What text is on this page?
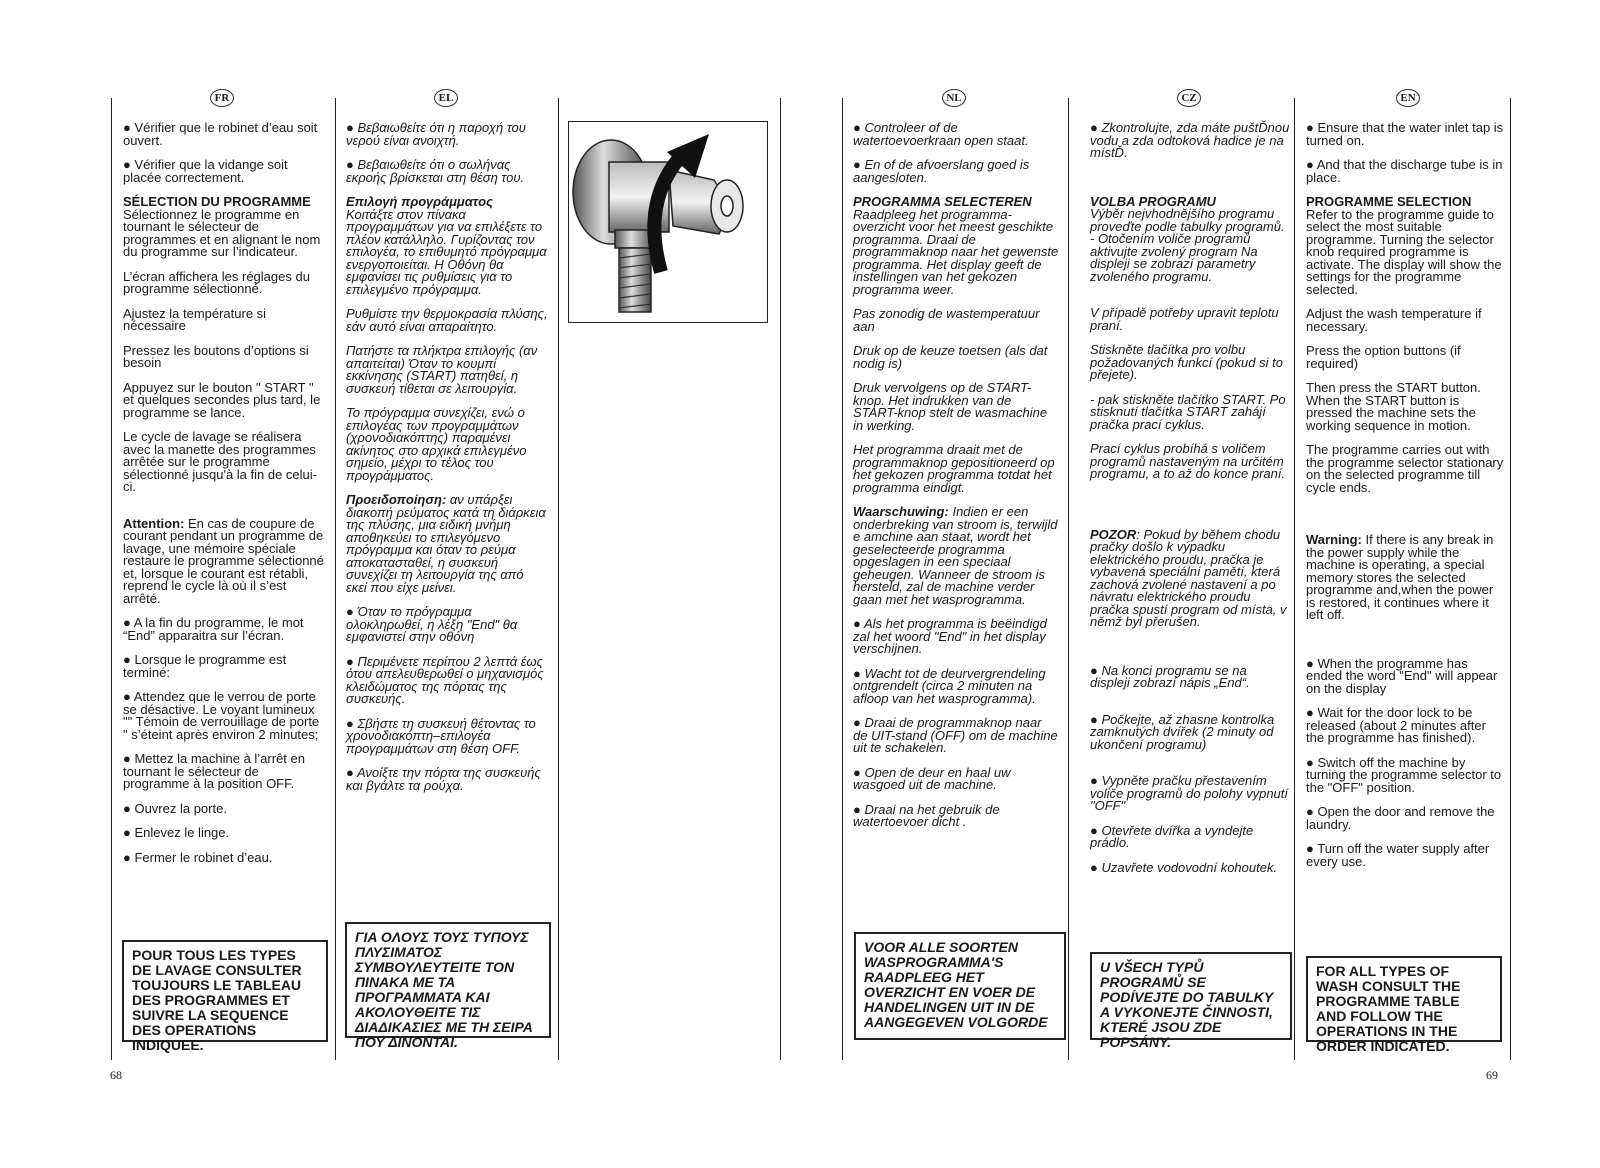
FR	EL	NL	CZ	EN

● Vérifier que le robinet d’eau soit ouvert.

● Vérifier que la vidange soit placée correctement.

SÉLECTION DU PROGRAMME
Sélectionnez le programme en tournant le sélecteur de programmes et en alignant le nom du programme sur l’indicateur.

L’écran affichera les réglages du programme sélectionné.

Ajustez la température si nécessaire

Pressez les boutons d’options si besoin

Appuyez sur le bouton " START " et quelques secondes plus tard, le programme se lance.

Le cycle de lavage se réalisera avec la manette des programmes arrêtée sur le programme sélectionné jusqu'à la fin de celui-ci.

Attention: En cas de coupure de courant pendant un programme de lavage, une mémoire spéciale restaure le programme sélectionné et, lorsque le courant est rétabli, reprend le cycle là où il s’est arrêté.

● A la fin du programme, le mot “End” apparaitra sur l’écran.

● Lorsque le programme est terminé:

● Attendez que le verrou de porte se désactive. Le voyant lumineux "" Témoin de verrouillage de porte " s’éteint après environ 2 minutes;

● Mettez la machine à l’arrêt en tournant le sélecteur de programme à la position OFF.

● Ouvrez la porte.

● Enlevez le linge.

● Fermer le robinet d’eau.

POUR TOUS LES TYPES DE LAVAGE CONSULTER TOUJOURS LE TABLEAU DES PROGRAMMES ET SUIVRE LA SEQUENCE DES OPERATIONS INDIQUEE.

● Βεβαιωθείτε ότι η παροχή του νερού είναι ανοιχτή.

● Βεβαιωθείτε ότι ο σωλήνας εκροής βρίσκεται στη θέση του.

Επιλογή προγράμματος
Κοιτάξτε στον πίνακα προγραμμάτων για να επιλέξετε το πλέον κατάλληλο. Γυρίζοντας τον επιλογέα, το επιθυμητό πρόγραμμα ενεργοποιείται. Η Οθόνη θα εμφανίσει τις ρυθμίσεις για το επιλεγμένο πρόγραμμα.

Ρυθμίστε την θερμοκρασία πλύσης, εάν αυτό είναι απαραίτητο.

Πατήστε τα πλήκτρα επιλογής (αν απαιτείται) Όταν το κουμπί εκκίνησης (START) πατηθεί, η συσκευή τίθεται σε λειτουργία.

Το πρόγραμμα συνεχίζει, ενώ ο επιλογέας των προγραμμάτων (χρονοδιακόπτης) παραμένει ακίνητος στο αρχικά επιλεγμένο σημείο, μέχρι το τέλος του προγράμματος.

Προειδοποίηση: αν υπάρξει διακοπή ρεύματος κατά τη διάρκεια της πλύσης, μια ειδική μνήμη αποθηκεύει το επιλεγόμενο πρόγραμμα και όταν το ρεύμα αποκατασταθεί, η συσκευή συνεχίζει τη λειτουργία της από εκεί που είχε μείνει.

● Όταν το πρόγραμμα ολοκληρωθεί, η λέξη "End" θα εμφανιστεί στην οθόνη

● Περιμένετε περίπου 2 λεπτά έως ότου απελευθερωθεί ο μηχανισμός κλειδώματος της πόρτας της συσκευής.

● Σβήστε τη συσκευή θέτοντας το χρονοδιακόπτη–επιλογέα προγραμμάτων στη θέση OFF.

● Ανοίξτε την πόρτα της συσκευής και βγάλτε τα ρούχα.

ΓΙΑ ΟΛΟΥΣ ΤΟΥΣ ΤΥΠΟΥΣ ΠΛΥΣΙΜΑΤΟΣ ΣΥΜΒΟΥΛΕΥΤΕΙΤΕ ΤΟΝ ΠΙΝΑΚΑ ΜΕ ΤΑ ΠΡΟΓΡΑΜΜΑΤΑ ΚΑΙ ΑΚΟΛΟΥΘΕΙΤΕ ΤΙΣ ΔΙΑΔΙΚΑΣΙΕΣ ΜΕ ΤΗ ΣΕΙΡΑ ΠΟΥ ΔΙΝΟΝΤΑΙ.

● Controleer of de watertoevoerkraan open staat.

● En of de afvoerslang goed is aangesloten.

PROGRAMMA SELECTEREN
Raadpleeg het programma-overzicht voor het meest geschikte programma. Draai de programmaknop naar het gewenste programma. Het display geeft de instellingen van het gekozen programma weer.

Pas zonodig de wastemperatuur aan

Druk op de keuze toetsen (als dat nodig is)

Druk vervolgens op de START-knop. Het indrukken van de START-knop stelt de wasmachine in werking.

Het programma draait met de programmaknop gepositioneerd op het gekozen programma totdat het programma eindigt.

Waarschuwing: Indien er een onderbreking van stroom is, terwijld e amchine aan staat, wordt het geselecteerde programma opgeslagen in een speciaal geheugen. Wanneer de stroom is hersteld, zal de machine verder gaan met het wasprogramma.

● Als het programma is beëindigd zal het woord "End" in het display verschijnen.

● Wacht tot de deurvergrendeling ontgrendelt (circa 2 minuten na afloop van het wasprogramma).

● Draai de programmaknop naar de UIT-stand (OFF) om de machine uit te schakelen.

● Open de deur en haal uw wasgoed uit de machine.

● Draai na het gebruik de watertoevoer dicht .

VOOR ALLE SOORTEN WASPROGRAMMA'S RAADPLEEG HET OVERZICHT EN VOER DE HANDELINGEN UIT IN DE AANGEGEVEN VOLGORDE

● Zkontrolujte, zda máte puštĎnou vodu a zda odtoková hadice je na místĎ.

VOLBA PROGRAMU
Výběr nejvhodnějšího programu proveďte podle tabulky programů. - Otočením voliče programů aktivujte zvolený program Na displeji se zobrazí parametry zvoleného programu.

V případě potřeby upravit teplotu praní.

Stiskněte tlačítka pro volbu požadovaných funkcí (pokud si to přejete).

- pak stiskněte tlačítko START. Po stisknutí tlačítka START zahájí pračka prací cyklus.

Prací cyklus probíhá s voličem programů nastaveným na určitém programu, a to až do konce praní.

POZOR: Pokud by během chodu pračky došlo k výpadku elektrického proudu, pračka je vybavená speciální pamětí, která zachová zvolené nastavení a po návratu elektrického proudu pračka spustí program od místa, v němž byl přerušen.

● Na konci programu se na displeji zobrazí nápis „End“.

● Počkejte, až zhasne kontrolka zamknutých dvířek (2 minuty od ukončení programu)

● Vypněte pračku přestavením voliče programů do polohy vypnutí "OFF"

● Otevřete dvířka a vyndejte prádlo.

● Uzavřete vodovodní kohoutek.

U VŠECH TYPŮ PROGRAMŮ SE PODÍVEJTE DO TABULKY A VYKONEJTE ČINNOSTI, KTERÉ JSOU ZDE POPSÁNY.

● Ensure that the water inlet tap is turned on.

● And that the discharge tube is in place.

PROGRAMME SELECTION
Refer to the programme guide to select the most suitable programme. Turning the selector knob required programme is activate. The display will show the settings for the programme selected.

Adjust the wash temperature if necessary.

Press the option buttons (if required)

Then press the START button. When the START button is pressed the machine sets the working sequence in motion.

The programme carries out with the programme selector stationary on the selected programme till cycle ends.

Warning: If there is any break in the power supply while the machine is operating, a special memory stores the selected programme and,when the power is restored, it continues where it left off.

● When the programme has ended the word "End" will appear on the display

● Wait for the door lock to be released (about 2 minutes after the programme has finished).

● Switch off the machine by turning the programme selector to the "OFF" position.

● Open the door and remove the laundry.

● Turn off the water supply after every use.

FOR ALL TYPES OF WASH CONSULT THE PROGRAMME TABLE AND FOLLOW THE OPERATIONS IN THE ORDER INDICATED.
68	69
